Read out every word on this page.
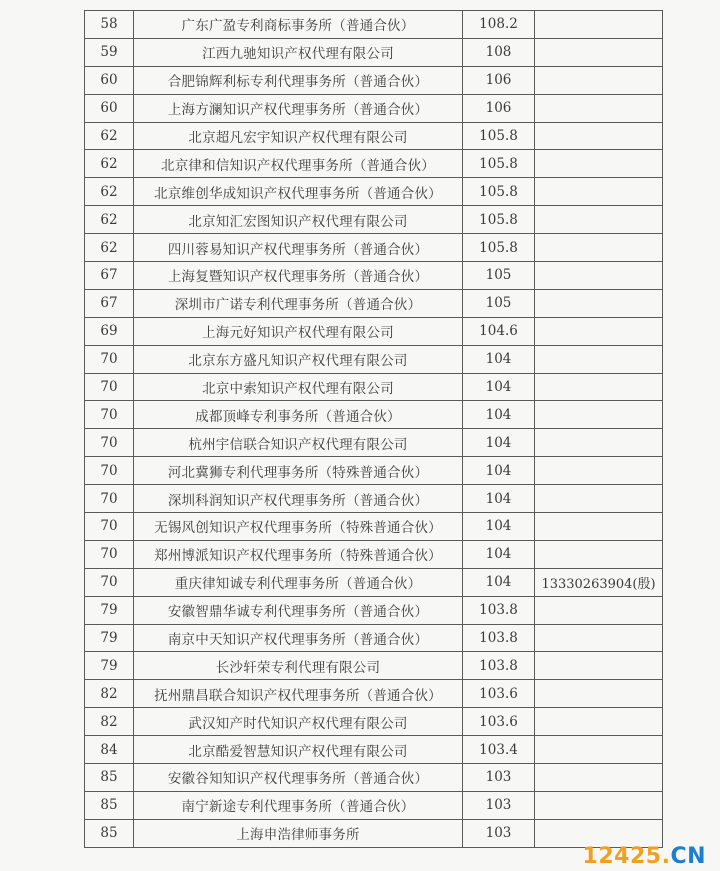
58	广东广盈专利商标事务所（普通合伙）	108.2	
59	江西九驰知识产权代理有限公司	108	
60	合肥锦辉利标专利代理事务所（普通合伙）	106	
60	上海方澜知识产权代理事务所（普通合伙）	106	
62	北京超凡宏宇知识产权代理有限公司	105.8	
62	北京律和信知识产权代理事务所（普通合伙）	105.8	
62	北京维创华成知识产权代理事务所（普通合伙）	105.8	
62	北京知汇宏图知识产权代理有限公司	105.8	
62	四川蓉易知识产权代理事务所（普通合伙）	105.8	
67	上海复暨知识产权代理事务所（普通合伙）	105	
67	深圳市广诺专利代理事务所（普通合伙）	105	
69	上海元好知识产权代理有限公司	104.6	
70	北京东方盛凡知识产权代理有限公司	104	
70	北京中索知识产权代理有限公司	104	
70	成都顶峰专利事务所（普通合伙）	104	
70	杭州宇信联合知识产权代理有限公司	104	
70	河北冀狮专利代理事务所（特殊普通合伙）	104	
70	深圳科润知识产权代理事务所（普通合伙）	104	
70	无锡风创知识产权代理事务所（特殊普通合伙）	104	
70	郑州博派知识产权代理事务所（特殊普通合伙）	104	
70	重庆律知诚专利代理事务所（普通合伙）	104	13330263904(殷)
79	安徽智鼎华诚专利代理事务所（普通合伙）	103.8	
79	南京中天知识产权代理事务所（普通合伙）	103.8	
79	长沙轩荣专利代理有限公司	103.8	
82	抚州鼎昌联合知识产权代理事务所（普通合伙）	103.6	
82	武汉知产时代知识产权代理有限公司	103.6	
84	北京酷爱智慧知识产权代理有限公司	103.4	
85	安徽谷知知识产权代理事务所（普通合伙）	103	
85	南宁新途专利代理事务所（普通合伙）	103	
85	上海申浩律师事务所	103	
12425.CN
